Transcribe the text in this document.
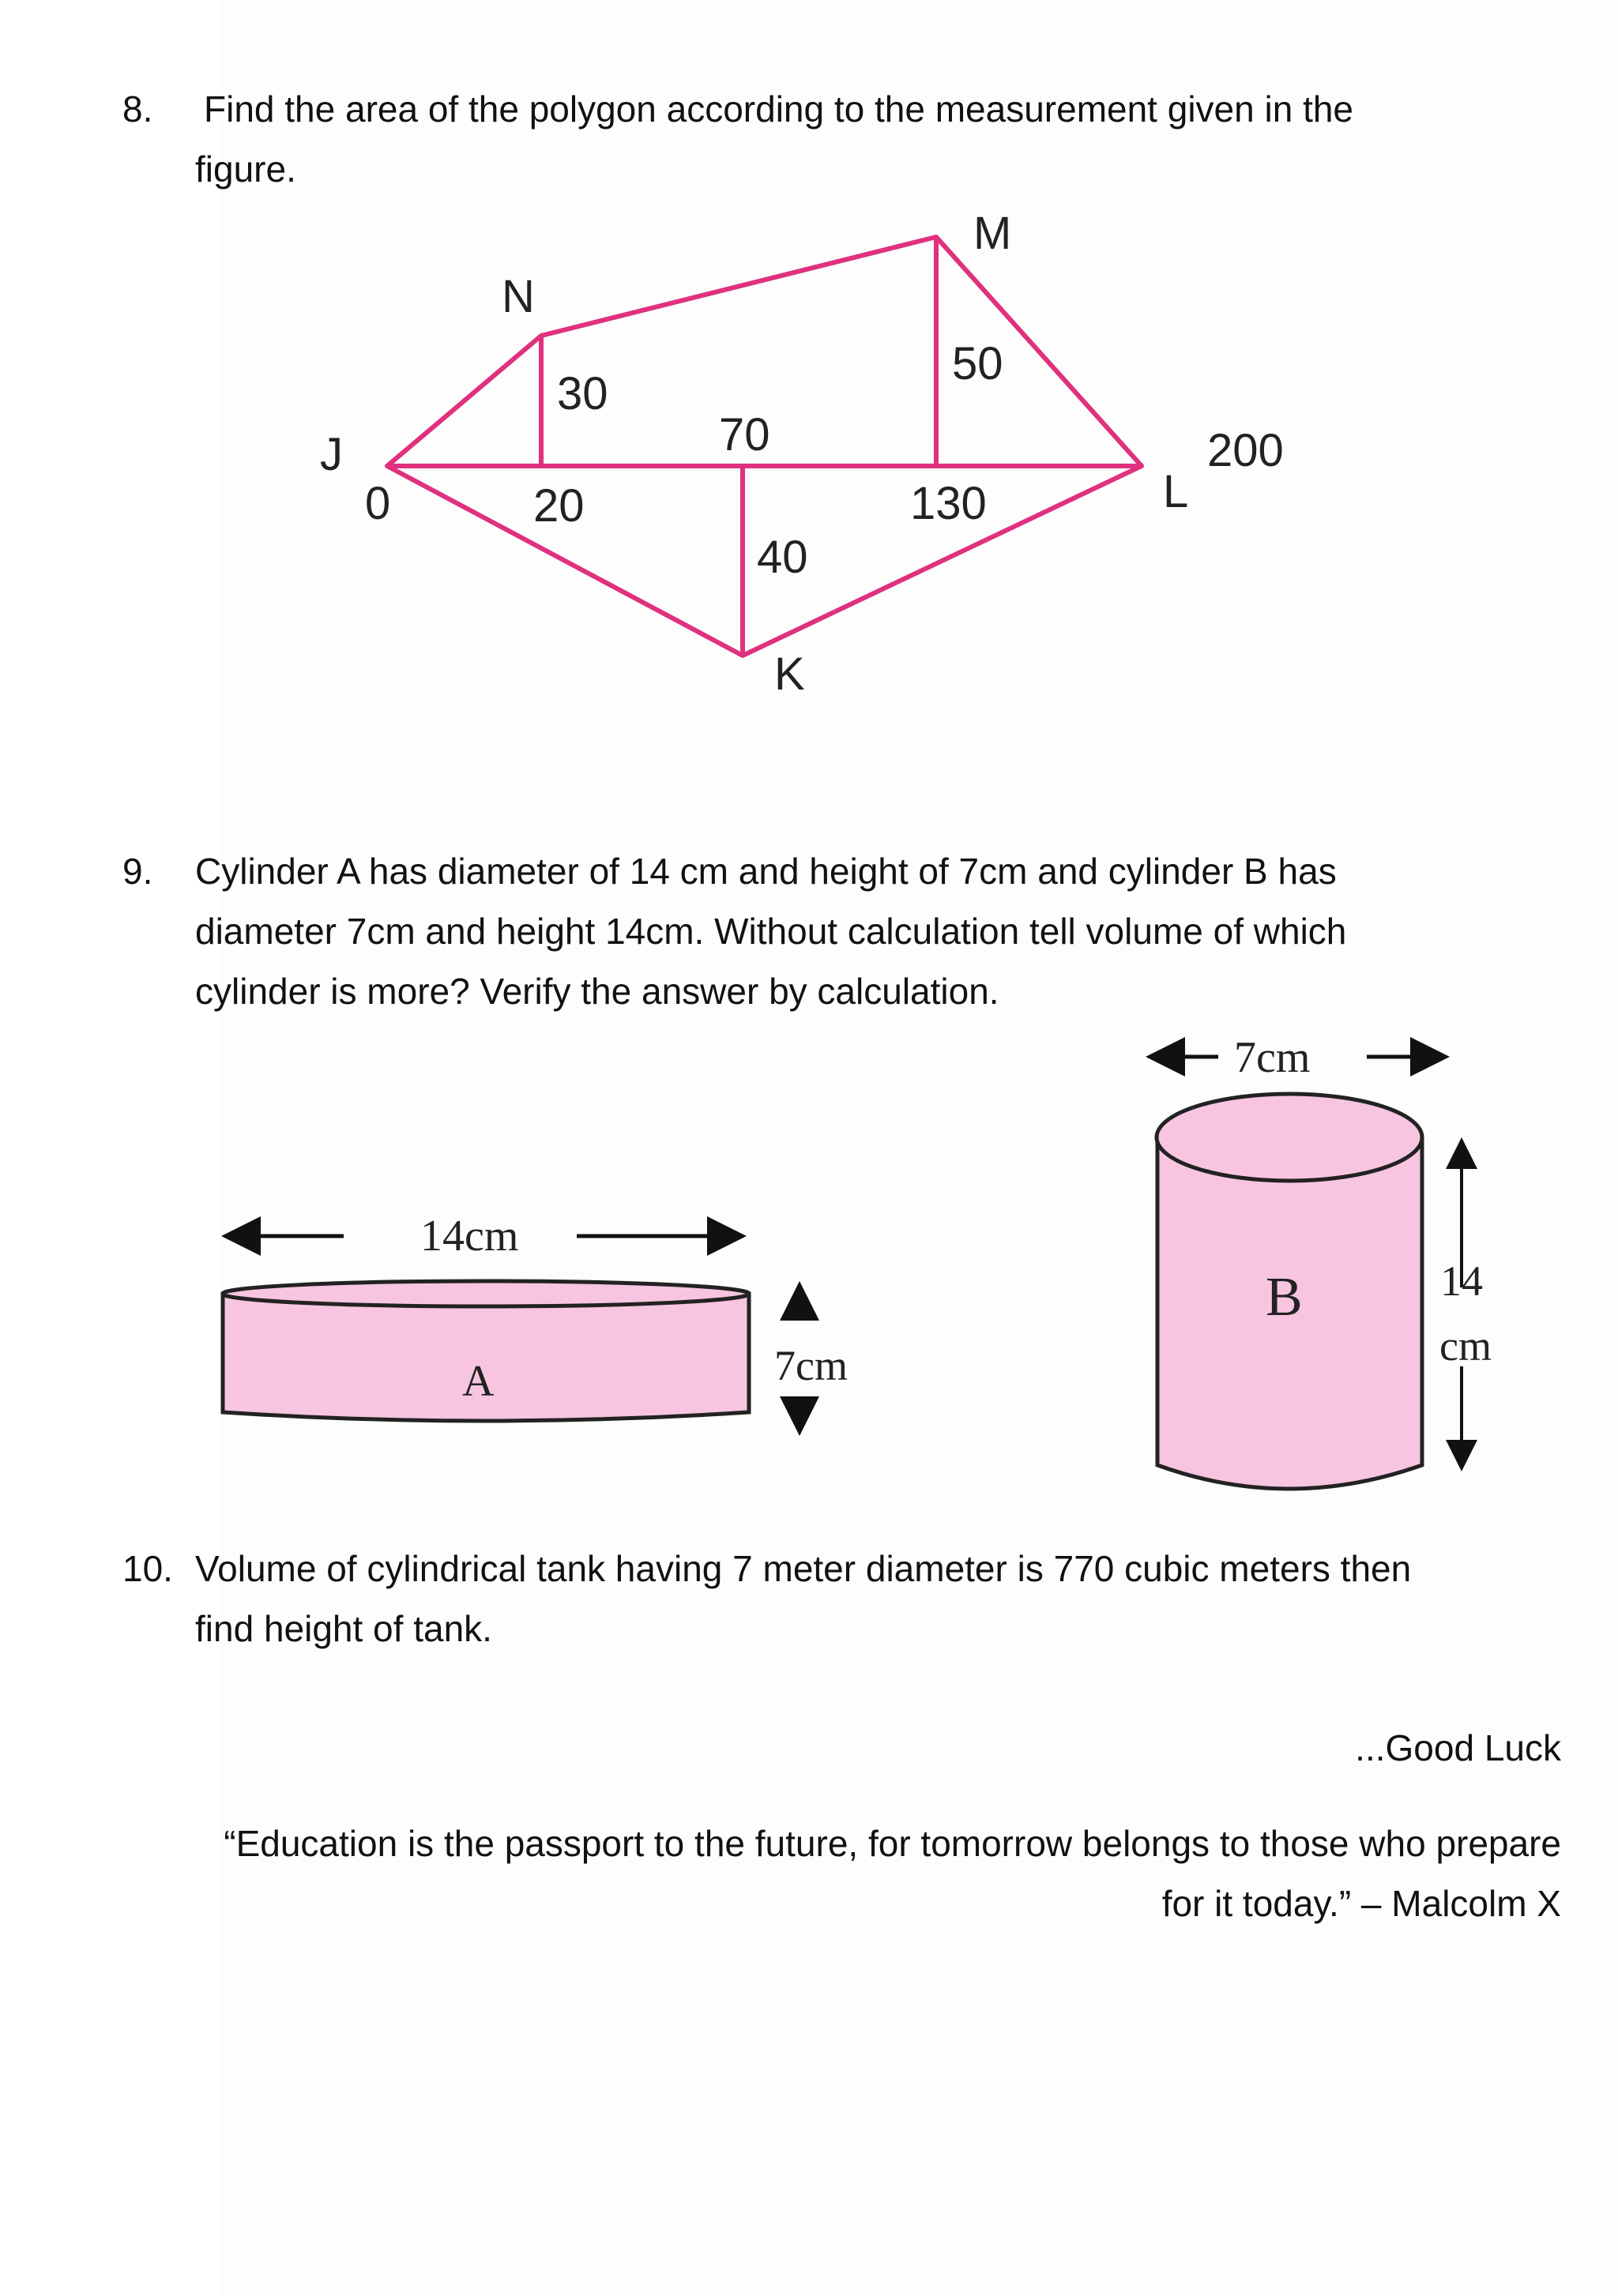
8. Find the area of the polygon according to the measurement given in the
figure.
M
N
J
0	L
K
30
70
50
200
20	130
40
9. Cylinder A has diameter of 14 cm and height of 7cm and cylinder B has
diameter 7cm and height 14cm. Without calculation tell volume of which
cylinder is more? Verify the answer by calculation.
14cm
A	7cm
7cm
B	14
cm
10. Volume of cylindrical tank having 7 meter diameter is 770 cubic meters then
find height of tank.
...Good Luck
“Education is the passport to the future, for tomorrow belongs to those who prepare
for it today.” – Malcolm X
